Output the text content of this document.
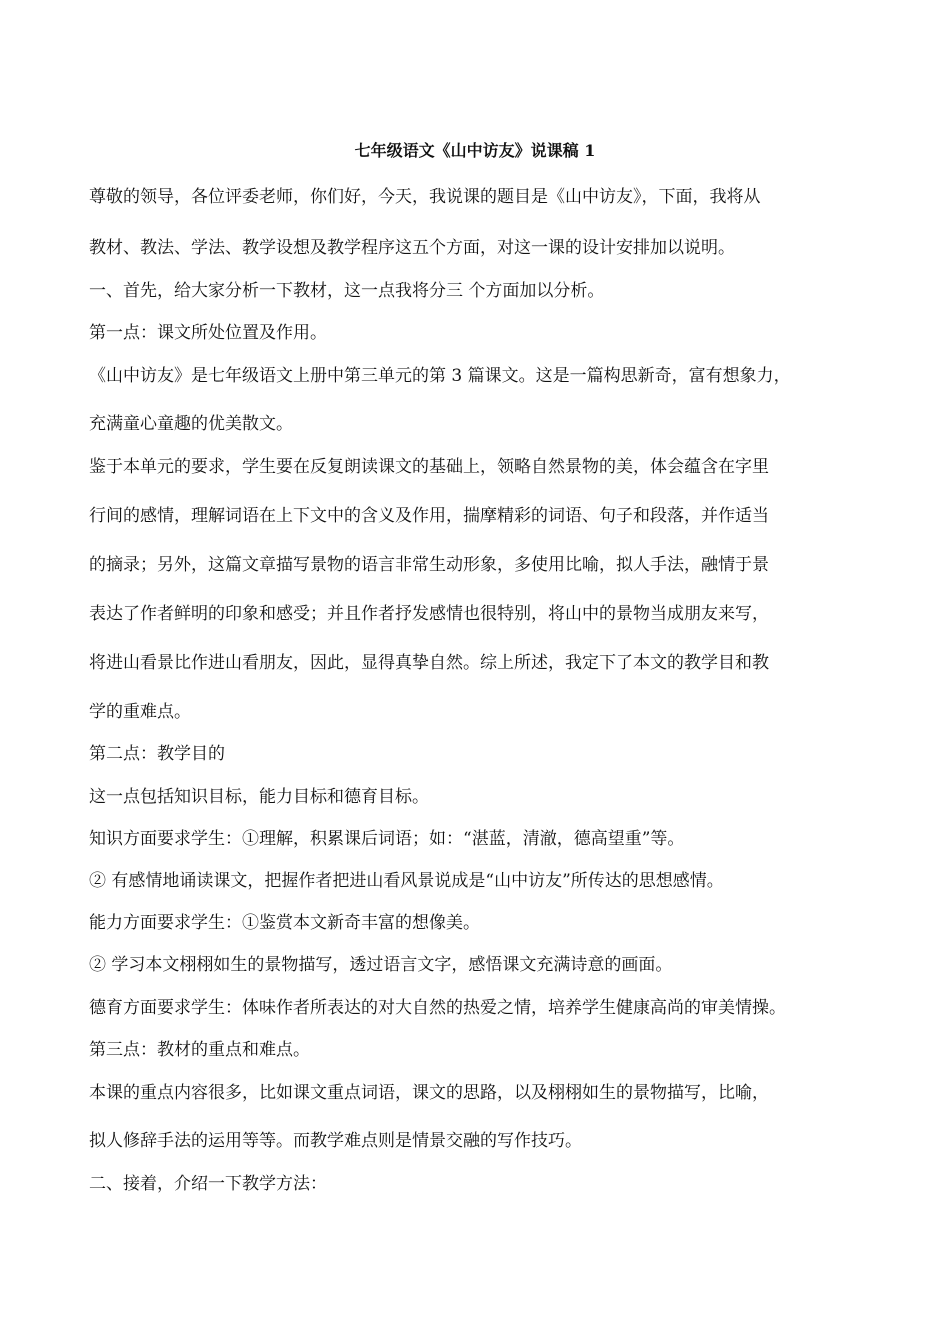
七年级语文《山中访友》说课稿 1
尊敬的领导，各位评委老师，你们好，今天，我说课的题目是《山中访友》，下面，我将从
教材、教法、学法、教学设想及教学程序这五个方面，对这一课的设计安排加以说明。
一、首先，给大家分析一下教材，这一点我将分三 个方面加以分析。
第一点：课文所处位置及作用。
《山中访友》是七年级语文上册中第三单元的第 3 篇课文。这是一篇构思新奇，富有想象力，
充满童心童趣的优美散文。
鉴于本单元的要求，学生要在反复朗读课文的基础上，领略自然景物的美，体会蕴含在字里
行间的感情，理解词语在上下文中的含义及作用，揣摩精彩的词语、句子和段落，并作适当
的摘录；另外，这篇文章描写景物的语言非常生动形象，多使用比喻，拟人手法，融情于景
表达了作者鲜明的印象和感受；并且作者抒发感情也很特别，将山中的景物当成朋友来写，
将进山看景比作进山看朋友，因此，显得真挚自然。综上所述，我定下了本文的教学目和教
学的重难点。
第二点：教学目的
这一点包括知识目标，能力目标和德育目标。
知识方面要求学生：①理解，积累课后词语；如：“湛蓝，清澈，德高望重”等。
② 有感情地诵读课文，把握作者把进山看风景说成是“山中访友”所传达的思想感情。
能力方面要求学生：①鉴赏本文新奇丰富的想像美。
② 学习本文栩栩如生的景物描写，透过语言文字，感悟课文充满诗意的画面。
德育方面要求学生：体味作者所表达的对大自然的热爱之情，培养学生健康高尚的审美情操。
第三点：教材的重点和难点。
本课的重点内容很多，比如课文重点词语，课文的思路，以及栩栩如生的景物描写，比喻，
拟人修辞手法的运用等等。而教学难点则是情景交融的写作技巧。
二、接着，介绍一下教学方法：
